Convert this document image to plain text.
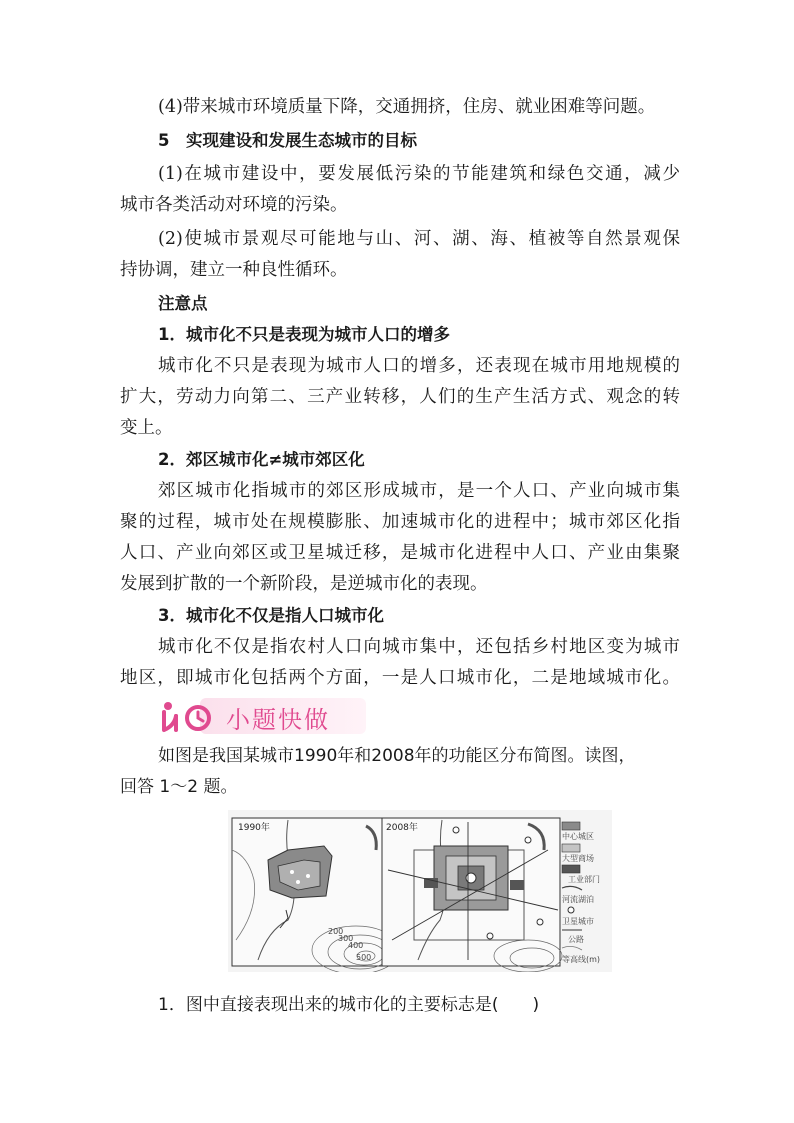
(4)带来城市环境质量下降，交通拥挤，住房、就业困难等问题。
5　实现建设和发展生态城市的目标
(1)在城市建设中，要发展低污染的节能建筑和绿色交通，减少
城市各类活动对环境的污染。
(2)使城市景观尽可能地与山、河、湖、海、植被等自然景观保
持协调，建立一种良性循环。
注意点
1．城市化不只是表现为城市人口的增多
城市化不只是表现为城市人口的增多，还表现在城市用地规模的
扩大，劳动力向第二、三产业转移，人们的生产生活方式、观念的转
变上。
2．郊区城市化≠城市郊区化
郊区城市化指城市的郊区形成城市，是一个人口、产业向城市集
聚的过程，城市处在规模膨胀、加速城市化的进程中；城市郊区化指
人口、产业向郊区或卫星城迁移，是城市化进程中人口、产业由集聚
发展到扩散的一个新阶段，是逆城市化的表现。
3．城市化不仅是指人口城市化
城市化不仅是指农村人口向城市集中，还包括乡村地区变为城市
地区，即城市化包括两个方面，一是人口城市化，二是地域城市化。
小题快做
如图是我国某城市1990年和2008年的功能区分布简图。读图，
回答 1～2 题。
1990年
200
300
400
500
2008年
中心城区
大型商场
工业部门
河流湖泊
卫星城市
公路
等高线(m)
1．图中直接表现出来的城市化的主要标志是(　　)
